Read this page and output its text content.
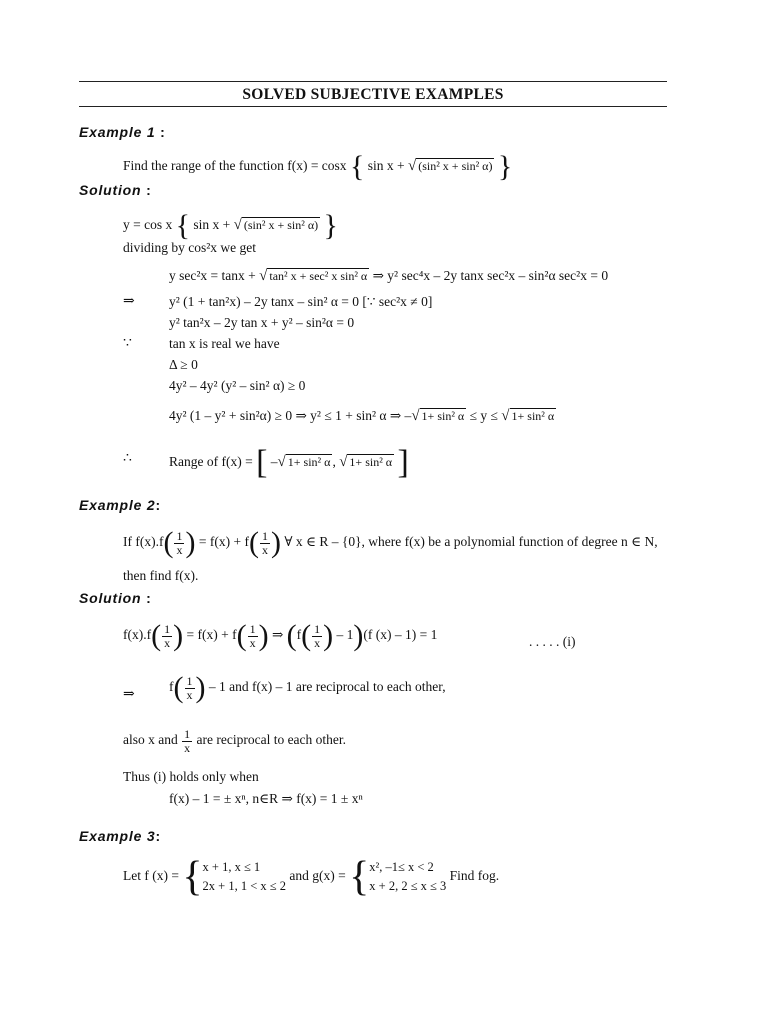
SOLVED SUBJECTIVE EXAMPLES
Example 1 :
Find the range of the function f(x) = cosx { sin x + √ (sin² x + sin² α) }
Solution :
y = cos x { sin x + √ (sin² x + sin² α) }
dividing by cos²x we get
y sec²x = tanx + √ tan² x + sec² x sin² α ⇒ y² sec⁴x – 2y tanx sec²x – sin²α sec²x = 0
⇒	y² (1 + tan²x) – 2y tanx – sin² α = 0 [∵ sec²x ≠ 0]
y² tan²x – 2y tan x + y² – sin²α = 0
∵	tan x is real we have
Δ ≥ 0
4y² – 4y² (y² – sin² α) ≥ 0
4y² (1 – y² + sin²α) ≥ 0 ⇒ y² ≤ 1 + sin² α ⇒ –√ 1+ sin² α ≤ y ≤ √ 1+ sin² α
∴	Range of f(x) = [ –√ 1+ sin² α , √ 1+ sin² α ]
Example 2:
If $f(x).f( \frac{1}{x}$ ) = $f(x) + f( \frac{1}{x}$ ) ∀ x ∈ R – {0}, where f(x) be a polynomial function of degree n ∈ N,
then find f(x).
Solution :
$f(x).f( \frac{1}{x}$ ) = $f(x) + f( \frac{1}{x}$ ) ⇒ ($f( \frac{1}{x}$ ) – 1)(f (x) – 1) = 1	. . . . . (i)
⇒
$f( \frac{1}{x}$ ) – 1 and f(x) – 1 are reciprocal to each other,
also x and $\frac{1}{x}$ are reciprocal to each other.
Thus (i) holds only when
f(x) – 1 = ± xⁿ, n∈R ⇒ f(x) = 1 ± xⁿ
Example 3:
Let f (x) = { x + 1, x ≤ 1
2x + 1, 1 < x ≤ 2
and g(x) = { x², –1≤ x < 2
x + 2, 2 ≤ x ≤ 3
Find fog.
